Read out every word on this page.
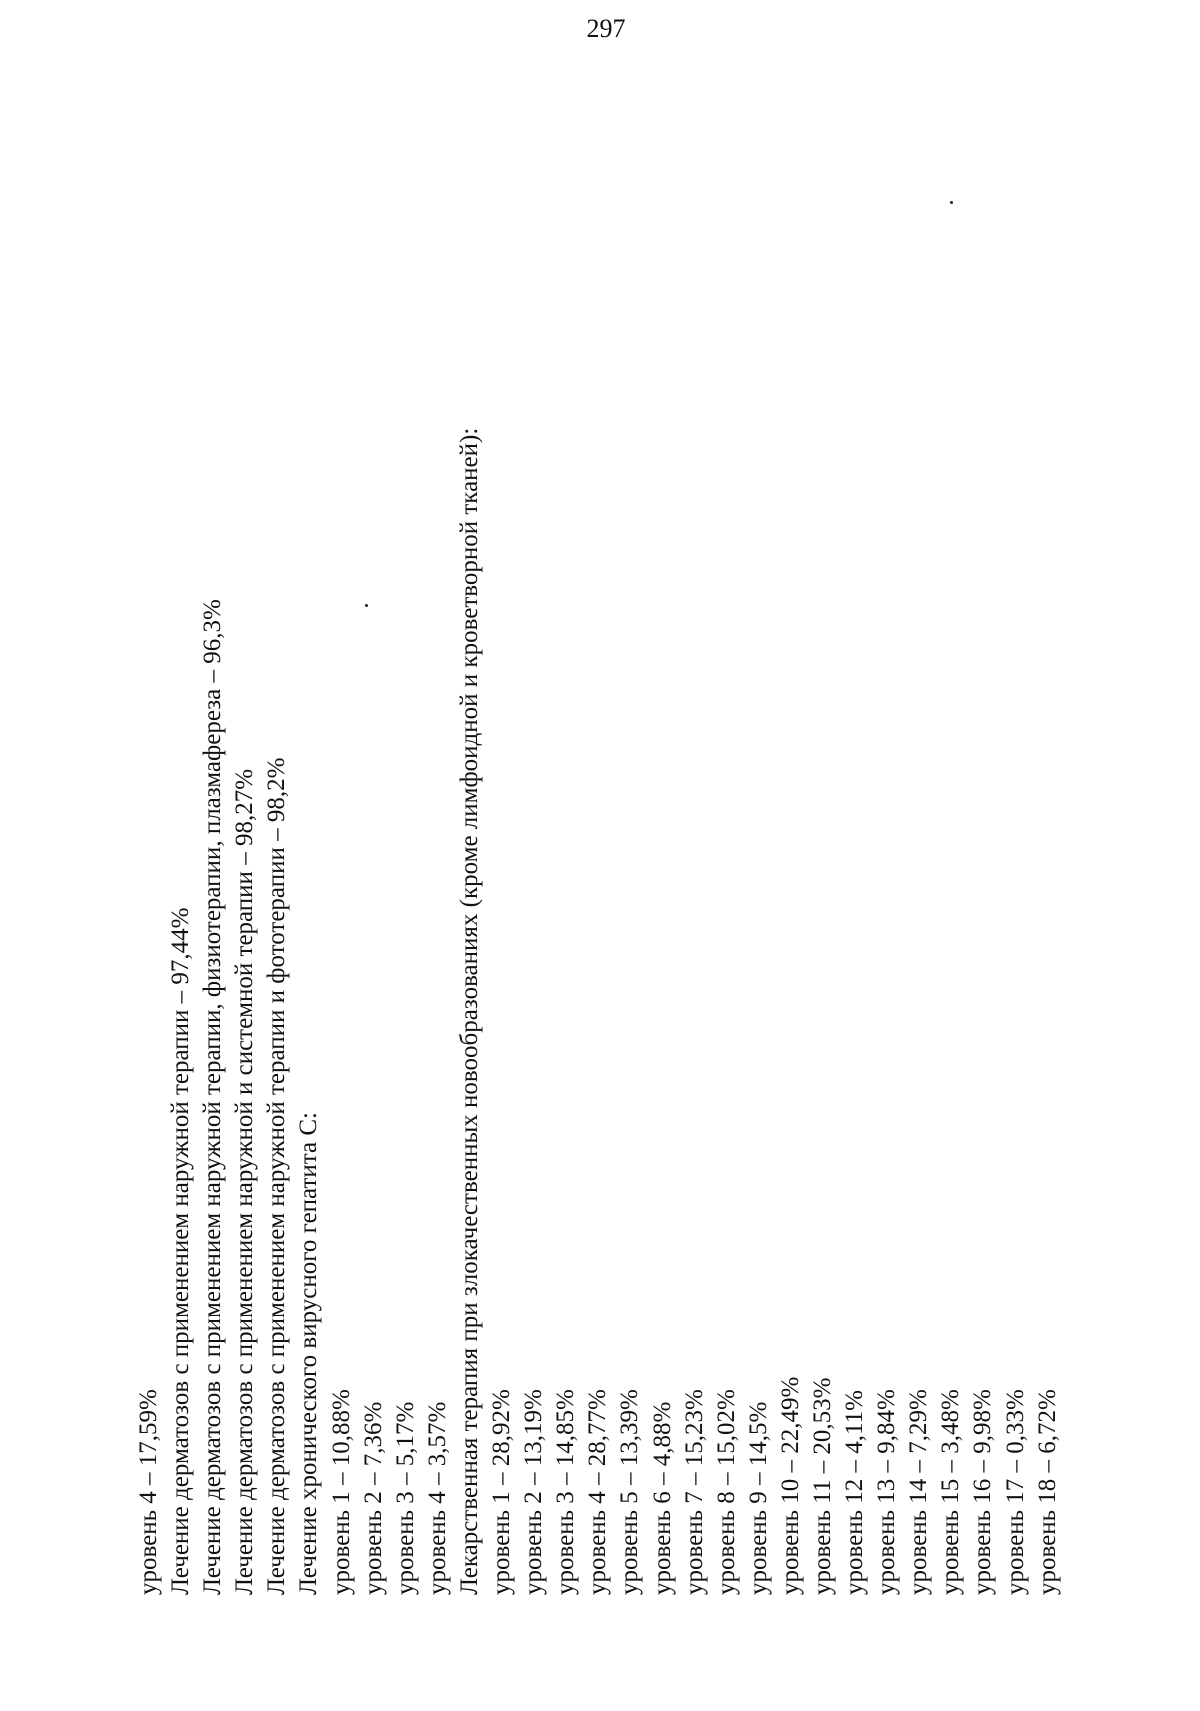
297
уровень 4 – 17,59% Лечение дерматозов с применением наружной терапии – 97,44% Лечение дерматозов с применением наружной терапии, физиотерапии, плазмафереза – 96,3% Лечение дерматозов с применением наружной и системной терапии – 98,27% Лечение дерматозов с применением наружной терапии и фототерапии – 98,2% Лечение хронического вирусного гепатита С: уровень 1 – 10,88% уровень 2 – 7,36% уровень 3 – 5,17% уровень 4 – 3,57% Лекарственная терапия при злокачественных новообразованиях (кроме лимфоидной и кроветворной тканей): уровень 1 – 28,92% уровень 2 – 13,19% уровень 3 – 14,85% уровень 4 – 28,77% уровень 5 – 13,39% уровень 6 – 4,88% уровень 7 – 15,23% уровень 8 – 15,02% уровень 9 – 14,5% уровень 10 – 22,49% уровень 11 – 20,53% уровень 12 – 4,11% уровень 13 – 9,84% уровень 14 – 7,29% уровень 15 – 3,48% уровень 16 – 9,98% уровень 17 – 0,33% уровень 18 – 6,72%
